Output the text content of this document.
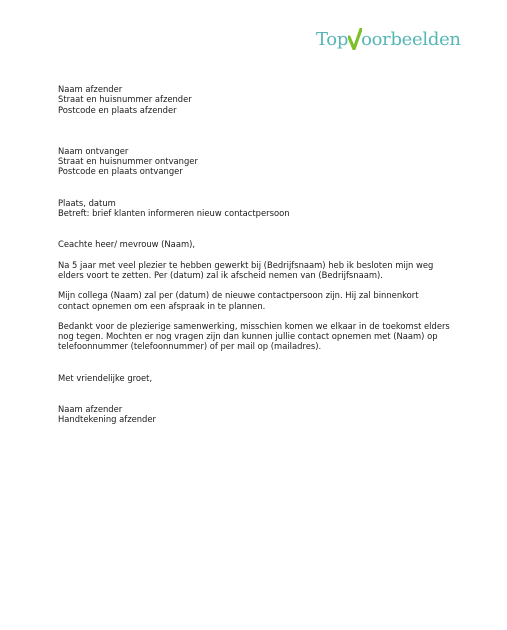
Top oorbeelden
Naam afzender
Straat en huisnummer afzender
Postcode en plaats afzender
Naam ontvanger
Straat en huisnummer ontvanger
Postcode en plaats ontvanger
Plaats, datum
Betreft: brief klanten informeren nieuw contactpersoon
Ceachte heer/ mevrouw (Naam),
Na 5 jaar met veel plezier te hebben gewerkt bij (Bedrijfsnaam) heb ik besloten mijn weg
elders voort te zetten. Per (datum) zal ik afscheid nemen van (Bedrijfsnaam).
Mijn collega (Naam) zal per (datum) de nieuwe contactpersoon zijn. Hij zal binnenkort
contact opnemen om een afspraak in te plannen.
Bedankt voor de plezierige samenwerking, misschien komen we elkaar in de toekomst elders
nog tegen. Mochten er nog vragen zijn dan kunnen jullie contact opnemen met (Naam) op
telefoonnummer (telefoonnummer) of per mail op (mailadres).
Met vriendelijke groet,
Naam afzender
Handtekening afzender
